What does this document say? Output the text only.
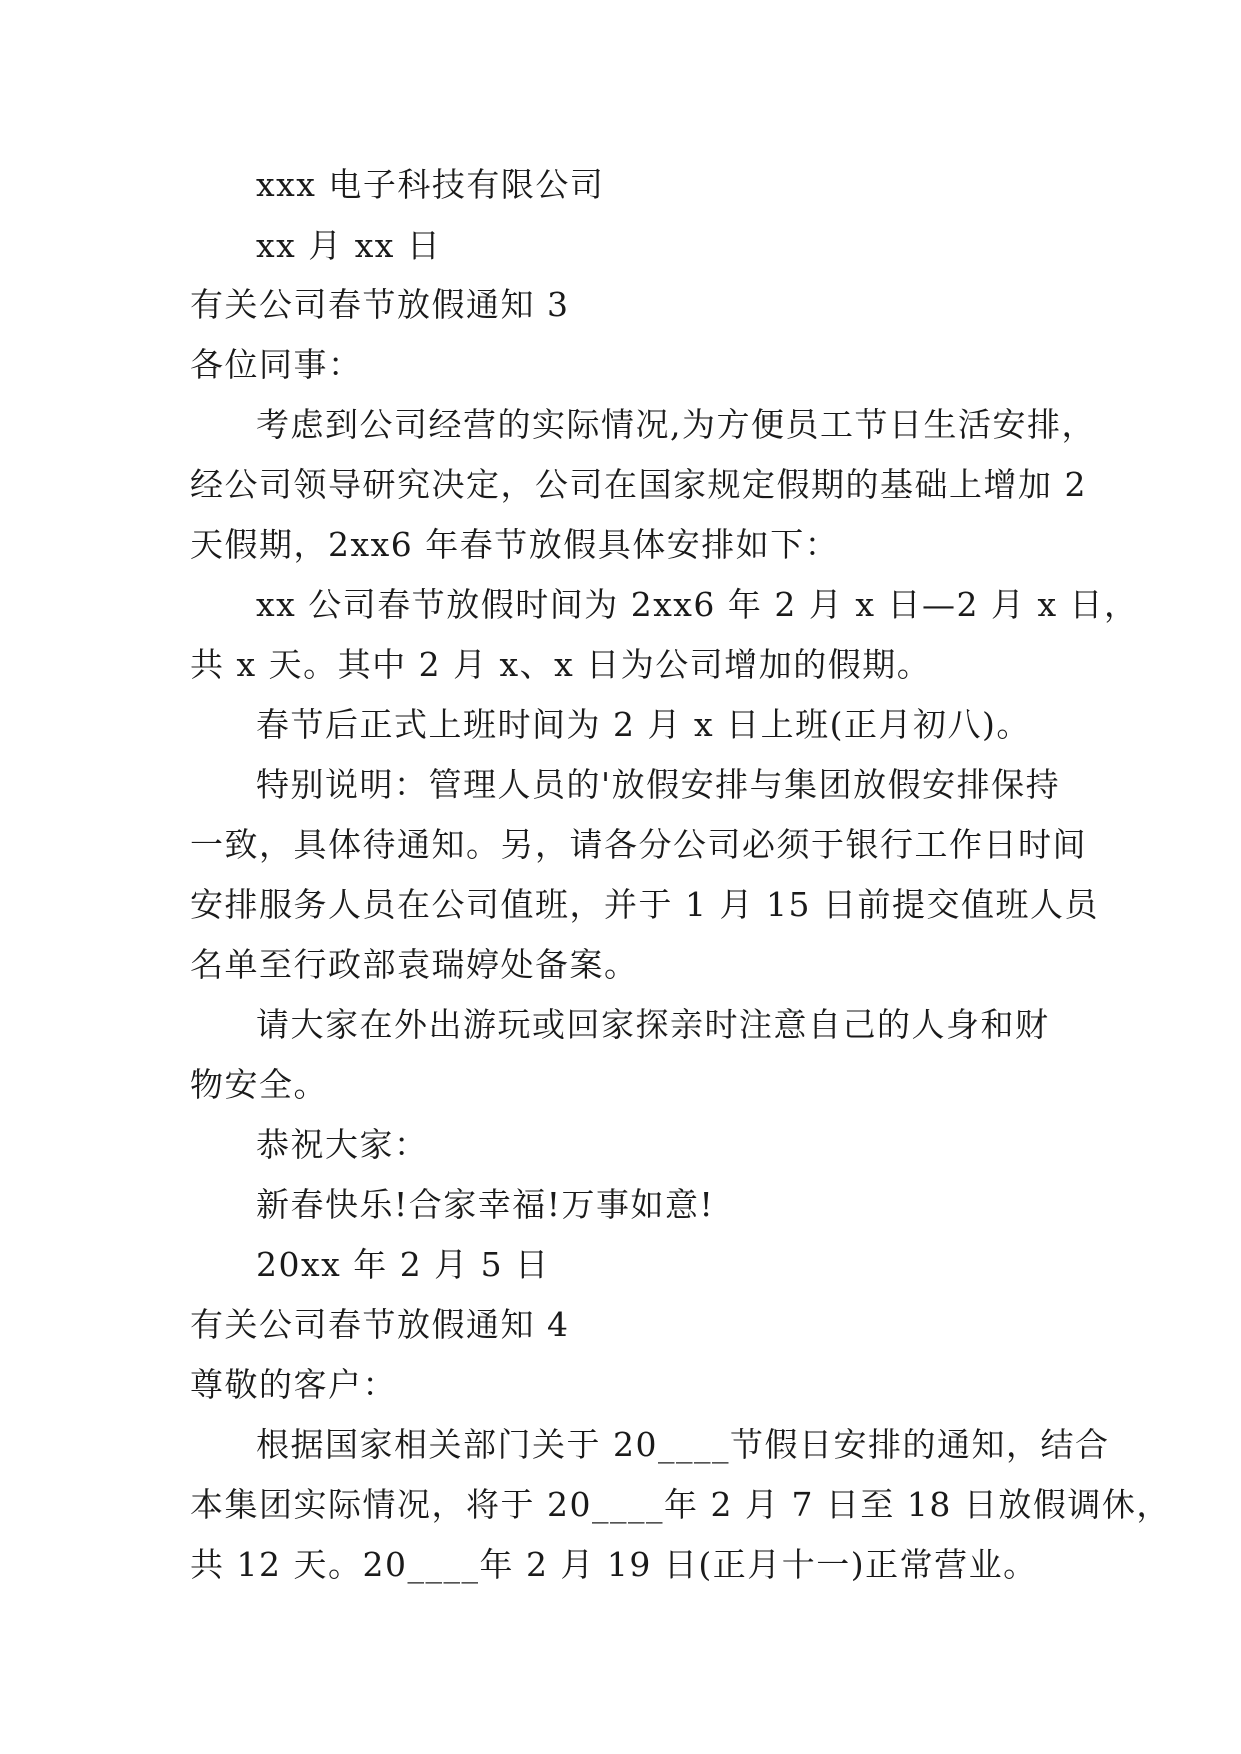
xxx 电子科技有限公司
xx 月 xx 日
有关公司春节放假通知 3
各位同事：
考虑到公司经营的实际情况,为方便员工节日生活安排，
经公司领导研究决定，公司在国家规定假期的基础上增加 2
天假期，2xx6 年春节放假具体安排如下：
xx 公司春节放假时间为 2xx6 年 2 月 x 日—2 月 x 日，
共 x 天。其中 2 月 x、x 日为公司增加的假期。
春节后正式上班时间为 2 月 x 日上班(正月初八)。
特别说明：管理人员的'放假安排与集团放假安排保持
一致，具体待通知。另，请各分公司必须于银行工作日时间
安排服务人员在公司值班，并于 1 月 15 日前提交值班人员
名单至行政部袁瑞婷处备案。
请大家在外出游玩或回家探亲时注意自己的人身和财
物安全。
恭祝大家：
新春快乐!合家幸福!万事如意!
20xx 年 2 月 5 日
有关公司春节放假通知 4
尊敬的客户：
根据国家相关部门关于 20____节假日安排的通知，结合
本集团实际情况，将于 20____年 2 月 7 日至 18 日放假调休，
共 12 天。20____年 2 月 19 日(正月十一)正常营业。
